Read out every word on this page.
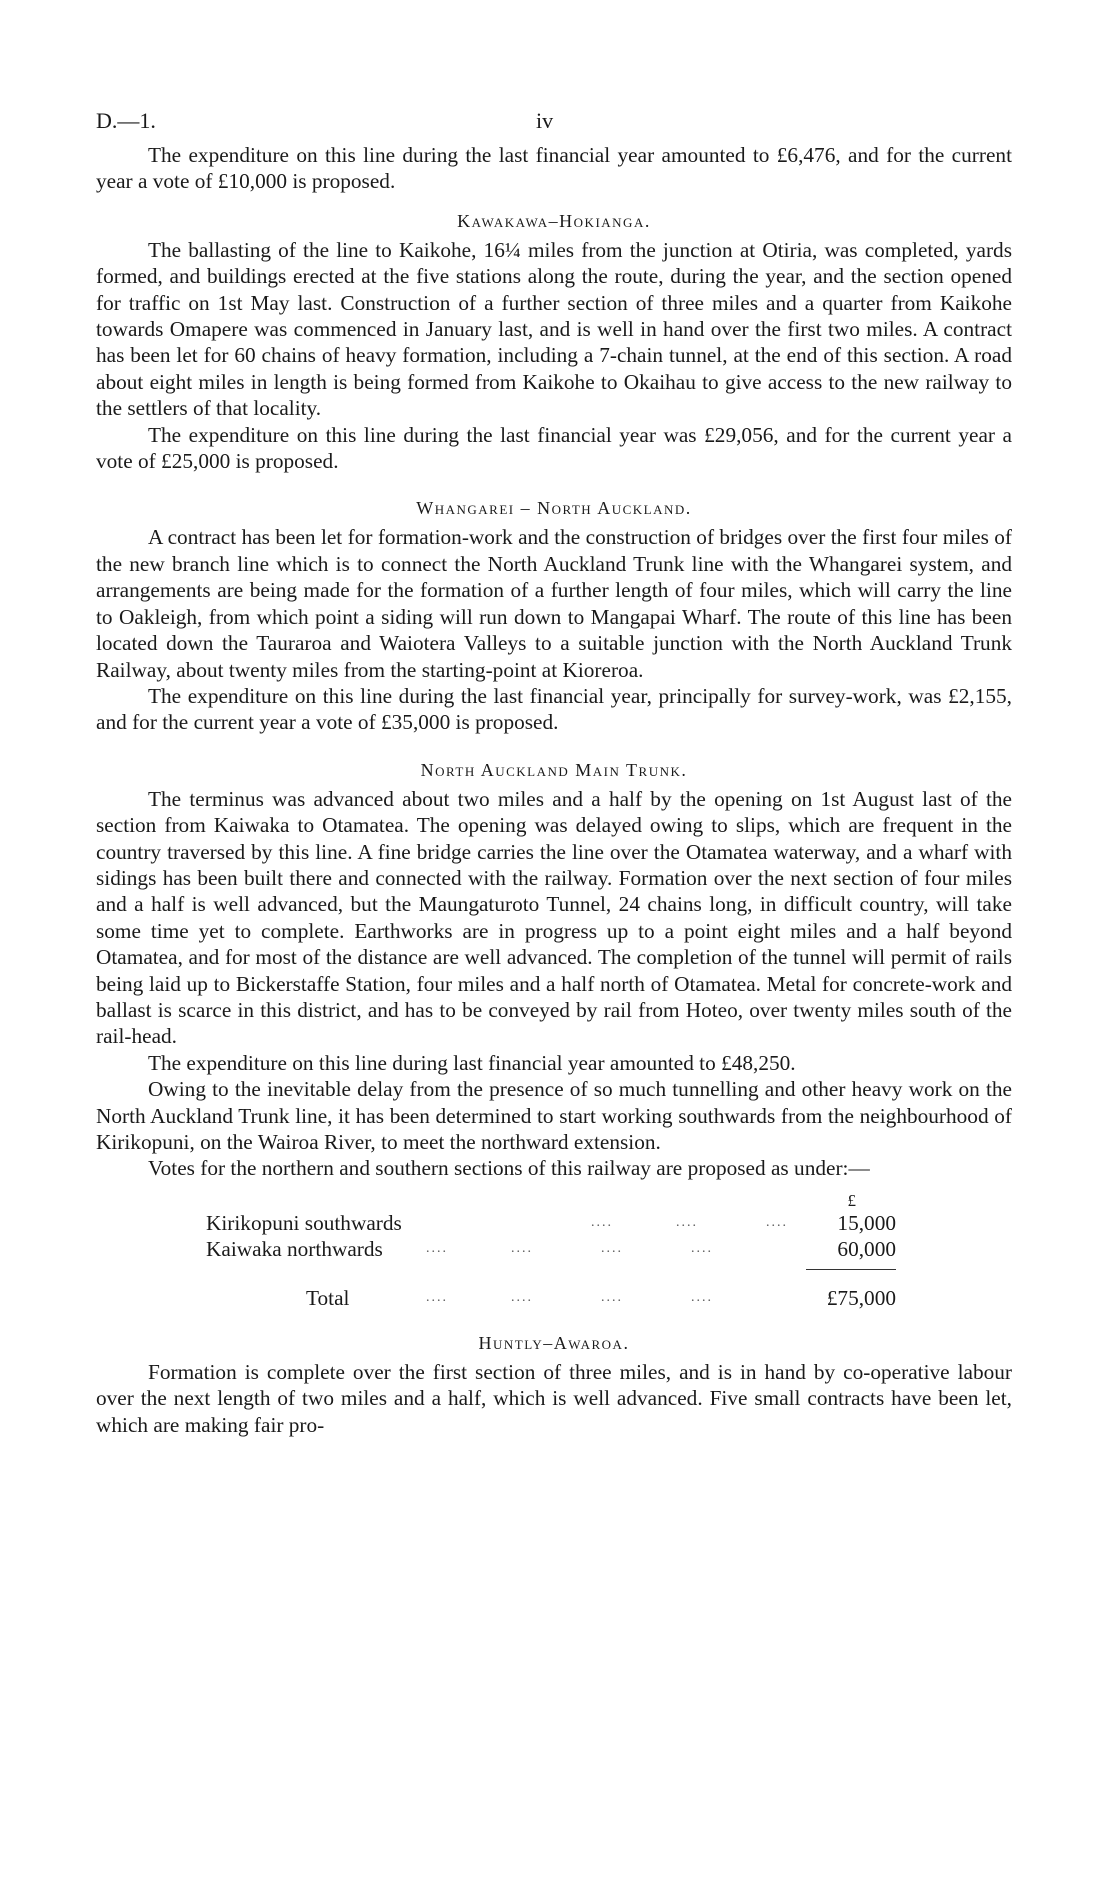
D.—1.	iv

The expenditure on this line during the last financial year amounted to £6,476, and for the current year a vote of £10,000 is proposed.

Kawakawa–Hokianga.

The ballasting of the line to Kaikohe, 16¼ miles from the junction at Otiria, was completed, yards formed, and buildings erected at the five stations along the route, during the year, and the section opened for traffic on 1st May last. Construction of a further section of three miles and a quarter from Kaikohe towards Omapere was commenced in January last, and is well in hand over the first two miles. A contract has been let for 60 chains of heavy formation, including a 7-chain tunnel, at the end of this section. A road about eight miles in length is being formed from Kaikohe to Okaihau to give access to the new railway to the settlers of that locality.

The expenditure on this line during the last financial year was £29,056, and for the current year a vote of £25,000 is proposed.

Whangarei – North Auckland.

A contract has been let for formation-work and the construction of bridges over the first four miles of the new branch line which is to connect the North Auckland Trunk line with the Whangarei system, and arrangements are being made for the formation of a further length of four miles, which will carry the line to Oakleigh, from which point a siding will run down to Mangapai Wharf. The route of this line has been located down the Tauraroa and Waiotera Valleys to a suitable junction with the North Auckland Trunk Railway, about twenty miles from the starting-point at Kioreroa.

The expenditure on this line during the last financial year, principally for survey-work, was £2,155, and for the current year a vote of £35,000 is proposed.

North Auckland Main Trunk.

The terminus was advanced about two miles and a half by the opening on 1st August last of the section from Kaiwaka to Otamatea. The opening was delayed owing to slips, which are frequent in the country traversed by this line. A fine bridge carries the line over the Otamatea waterway, and a wharf with sidings has been built there and connected with the railway. Formation over the next section of four miles and a half is well advanced, but the Maungaturoto Tunnel, 24 chains long, in difficult country, will take some time yet to complete. Earthworks are in progress up to a point eight miles and a half beyond Otamatea, and for most of the distance are well advanced. The completion of the tunnel will permit of rails being laid up to Bickerstaffe Station, four miles and a half north of Otamatea. Metal for concrete-work and ballast is scarce in this district, and has to be conveyed by rail from Hoteo, over twenty miles south of the rail-head.

The expenditure on this line during last financial year amounted to £48,250.

Owing to the inevitable delay from the presence of so much tunnelling and other heavy work on the North Auckland Trunk line, it has been determined to start working southwards from the neighbourhood of Kirikopuni, on the Wairoa River, to meet the northward extension.

Votes for the northern and southern sections of this railway are proposed as under:—

£
Kirikopuni southwards	....	....	.... 15,000
Kaiwaka northwards	....	....	....	....	60,000
Total	....	....	....	....	£75,000
Huntly–Awaroa.

Formation is complete over the first section of three miles, and is in hand by co-operative labour over the next length of two miles and a half, which is well advanced. Five small contracts have been let, which are making fair pro-
